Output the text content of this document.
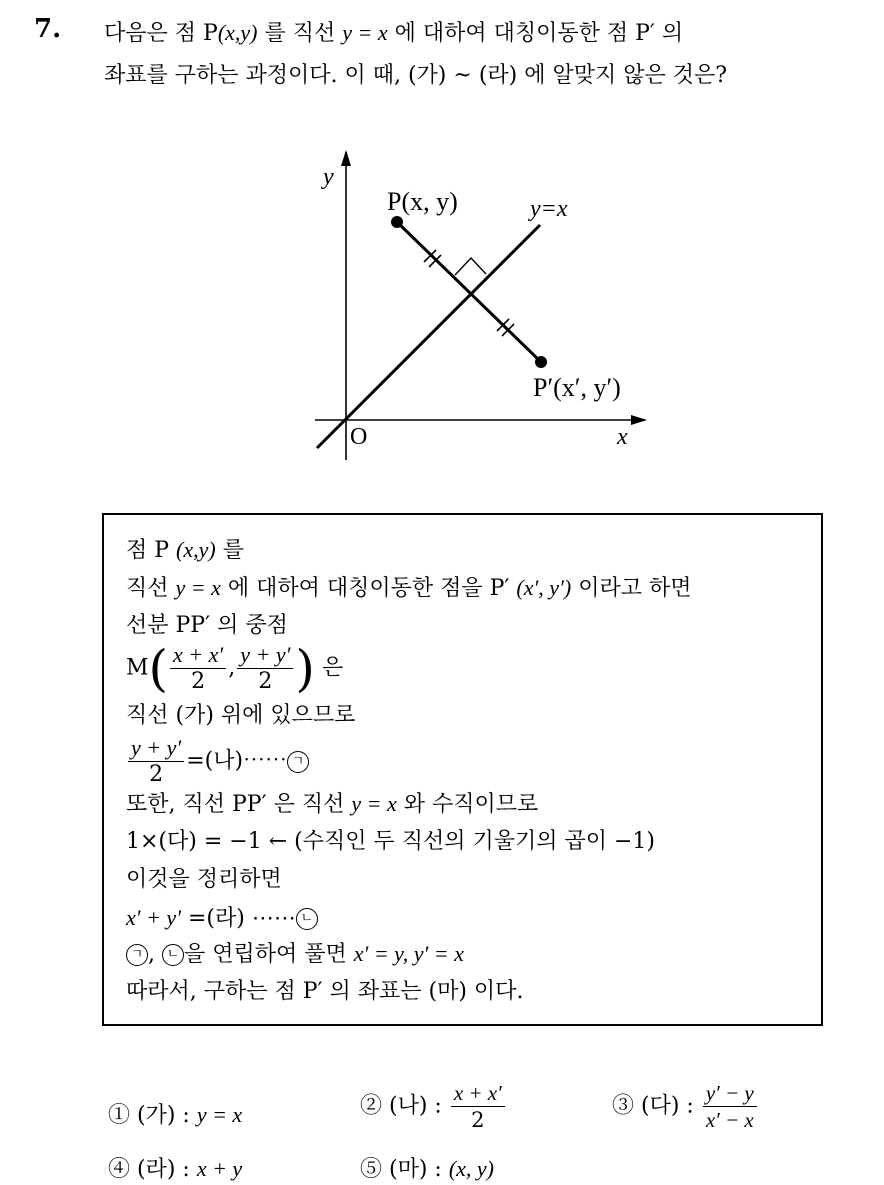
7. 다음은 점 P(x,y) 를 직선 y = x 에 대하여 대칭이동한 점 P′ 의
좌표를 구하는 과정이다. 이 때, (가) ~ (라) 에 알맞지 않은 것은?
y
x
O
P(x, y)	y=x
P′(x′, y′)
점 P (x,y) 를
직선 y = x 에 대하여 대칭이동한 점을 P′ (x′, y′) 이라고 하면
선분 PP′ 의 중점
$M( \frac{x + x'}{2}$ , $\frac{y + y'}{2}$ ) 은
직선 (가) 위에 있으므로
$\frac{y + y'}{2}$ =(나)⋯⋯ ㄱ
또한, 직선 PP′ 은 직선 y = x 와 수직이므로
1×(다) = −1 ← (수직인 두 직선의 기울기의 곱이 −1)
이것을 정리하면
x′ + y′ =(라) ⋯⋯ ㄴ
ㄱ , ㄴ 을 연립하여 풀면 x′ = y, y′ = x
따라서, 구하는 점 P′ 의 좌표는 (마) 이다.
① (가) : y = x	② (나) : $\frac{x + x'}{2}$	③ (다) : $\frac{y' - y}{x' - x}$
④ (라) : x + y	⑤ (마) : (x, y)
